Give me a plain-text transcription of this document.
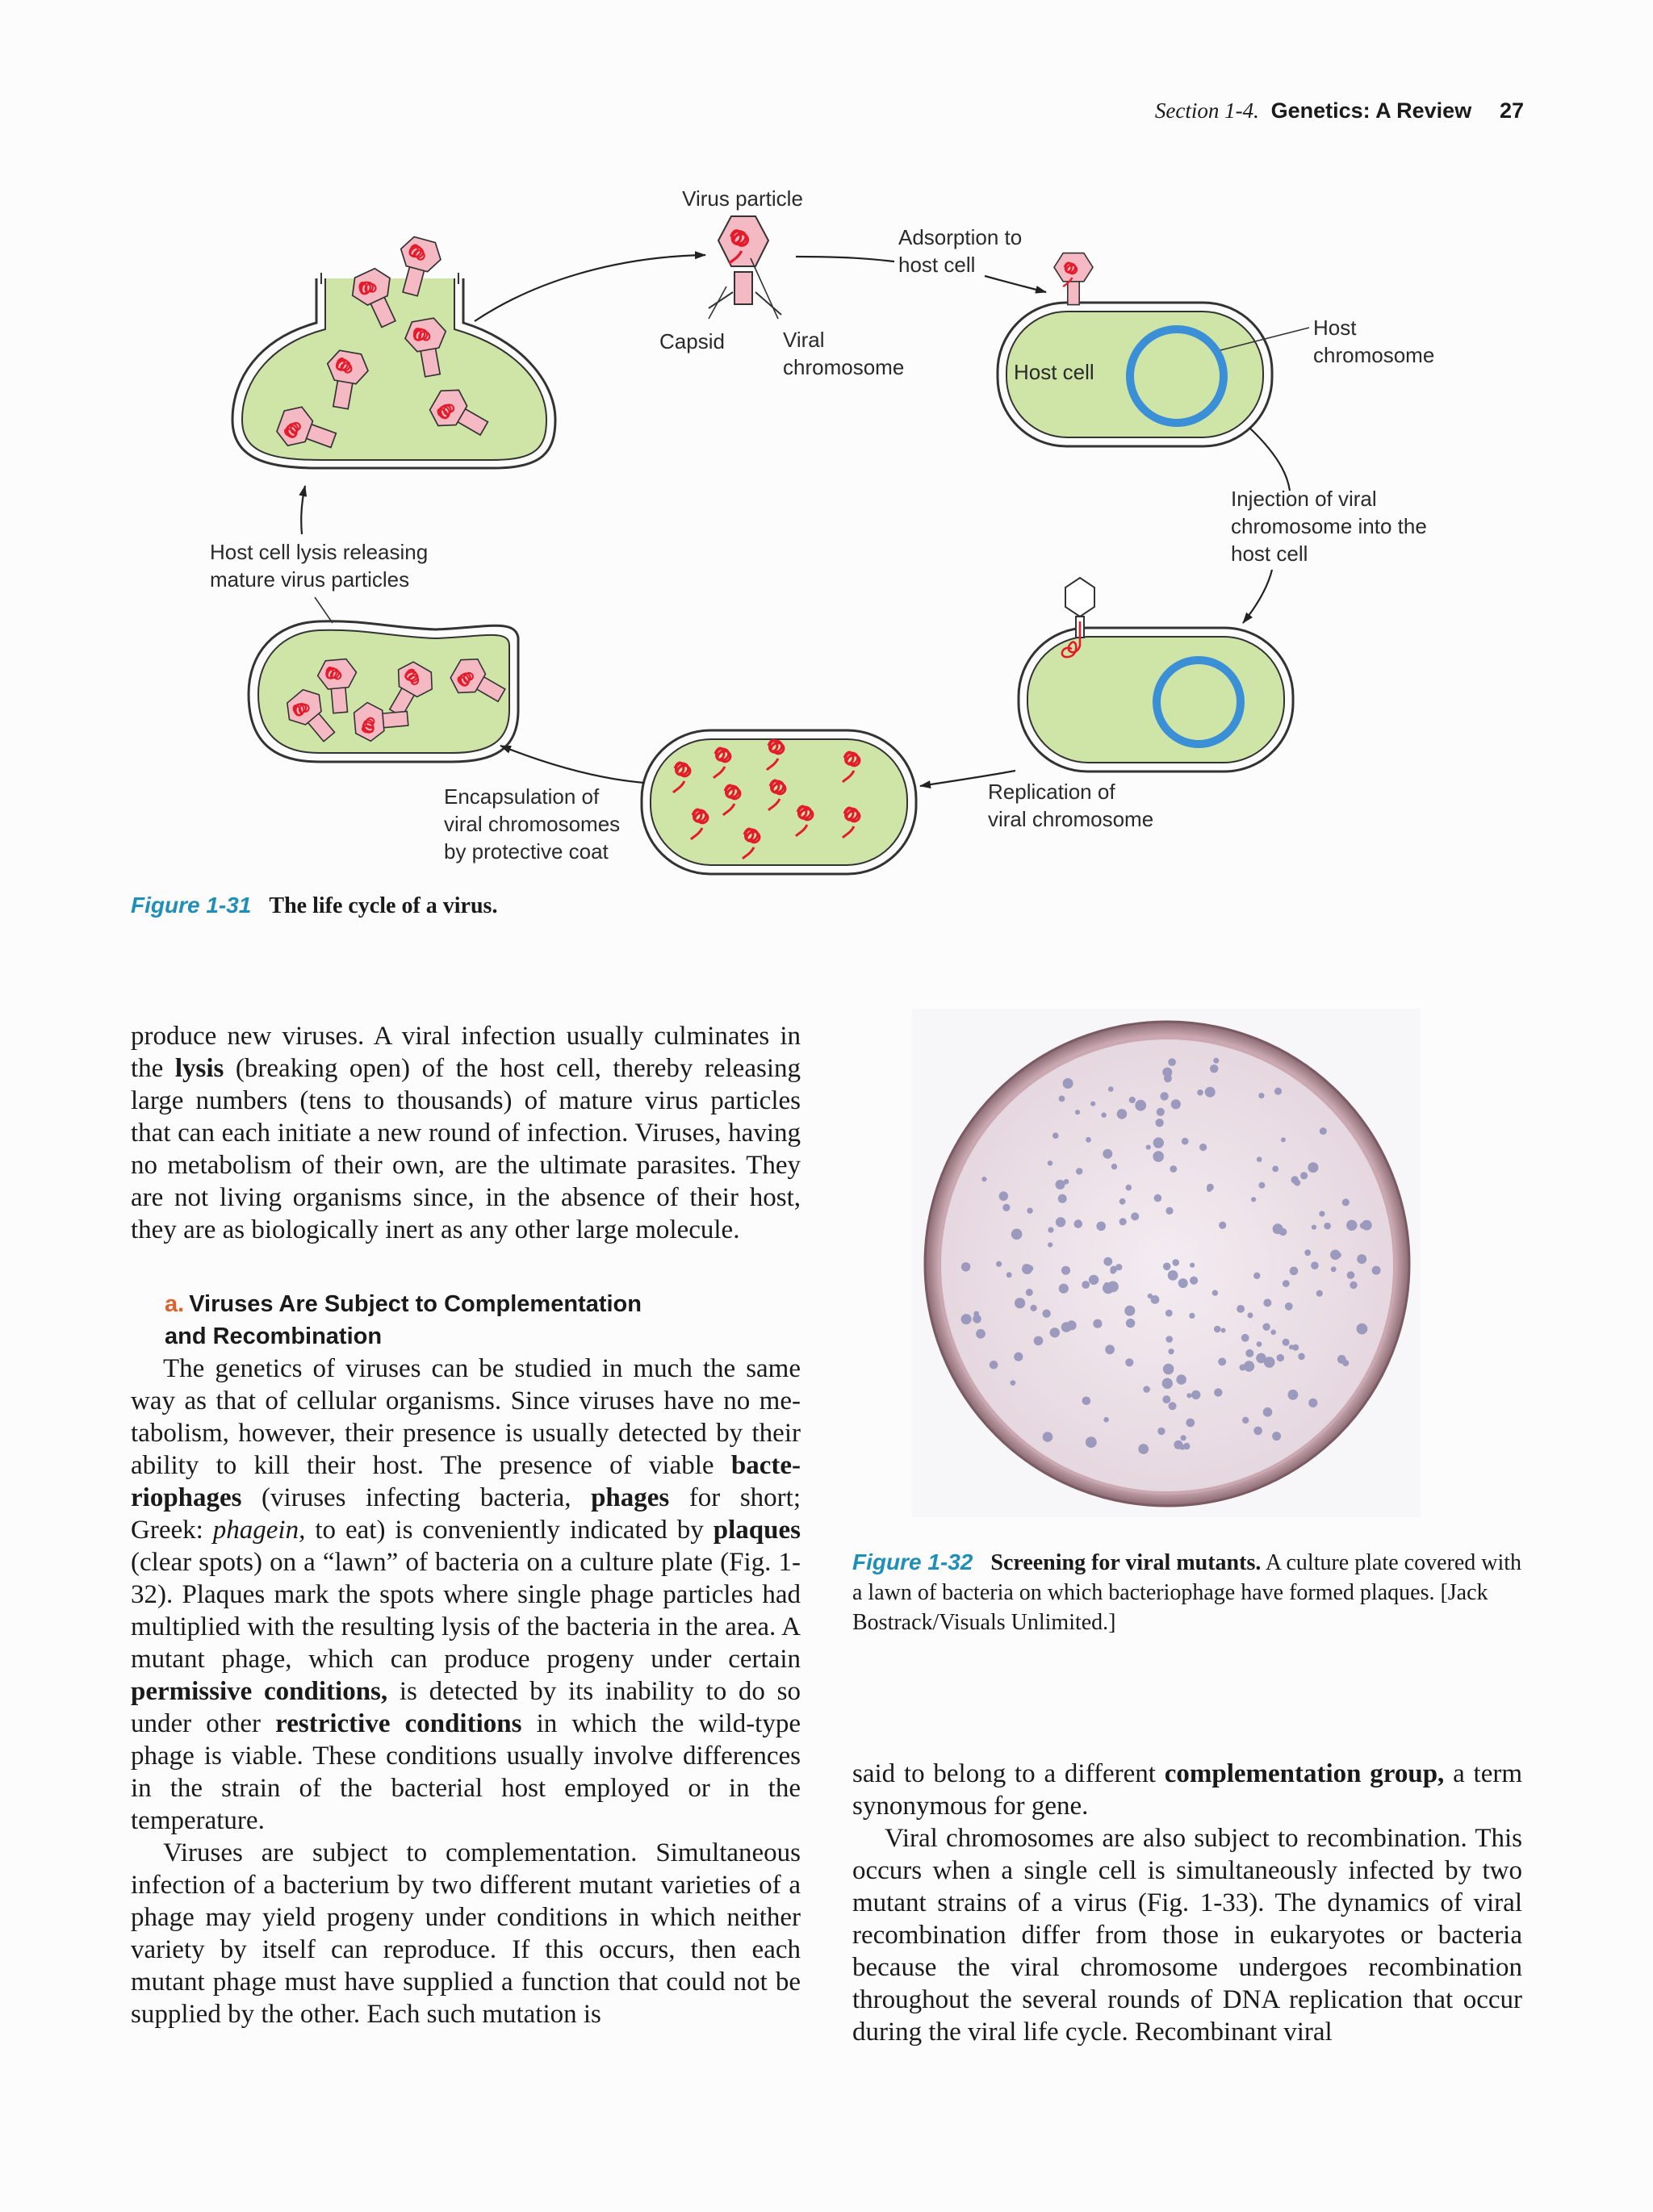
Section 1-4. Genetics: A Review 27
Virus particle
Capsid	Viral
chromosome	Host cell
Adsorption to
host cell
Host
chromosome
Injection of viral
chromosome into the
host cell
Replication of
viral chromosome
Encapsulation of
viral chromosomes
by protective coat
Host cell lysis releasing
mature virus particles
Figure 1-31 The life cycle of a virus.

produce new viruses. A viral infection usually culminates in the lysis (breaking open) of the host cell, thereby releasing large numbers (tens to thousands) of mature virus particles that can each initiate a new round of infection. Viruses, having no metabolism of their own, are the ultimate parasites. They are not living organisms since, in the absence of their host, they are as biologically inert as any other large molecule.

a. Viruses Are Subject to Complementation
and Recombination

The genetics of viruses can be studied in much the same way as that of cellular organisms. Since viruses have no metabolism, however, their presence is usually detected by their ability to kill their host. The presence of viable bacteriophages (viruses infecting bacteria, phages for short; Greek: phagein, to eat) is conveniently indicated by plaques (clear spots) on a “lawn” of bacteria on a culture plate (Fig. 1-32). Plaques mark the spots where single phage particles had multiplied with the resulting lysis of the bacteria in the area. A mutant phage, which can produce progeny under certain permissive conditions, is detected by its inability to do so under other restrictive conditions in which the wild-type phage is viable. These conditions usually involve differences in the strain of the bacterial host employed or in the temperature.

Viruses are subject to complementation. Simultaneous infection of a bacterium by two different mutant varieties of a phage may yield progeny under conditions in which neither variety by itself can reproduce. If this occurs, then each mutant phage must have supplied a function that could not be supplied by the other. Each such mutation is

Figure 1-32 Screening for viral mutants. A culture plate covered with a lawn of bacteria on which bacteriophage have formed plaques. [Jack Bostrack/Visuals Unlimited.]

said to belong to a different complementation group, a term synonymous for gene.

Viral chromosomes are also subject to recombination. This occurs when a single cell is simultaneously infected by two mutant strains of a virus (Fig. 1-33). The dynamics of viral recombination differ from those in eukaryotes or bacteria because the viral chromosome undergoes recombination throughout the several rounds of DNA replication that occur during the viral life cycle. Recombinant viral
